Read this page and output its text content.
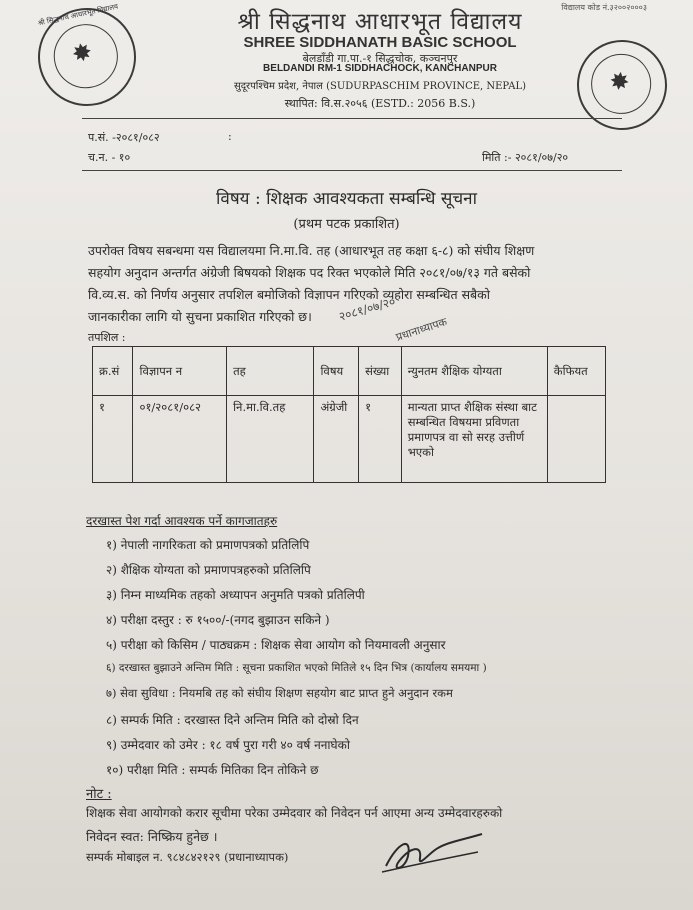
विद्यालय कोड नं.३२००२०००३
श्री सिद्धनाथ आधारभूत विद्यालय
✸
✸
श्री सिद्धनाथ आधारभूत विद्यालय
SHREE SIDDHANATH BASIC SCHOOL
बेलडाँडी गा.पा.-१ सिद्धचोक, कञ्चनपुर
BELDANDI RM-1 SIDDHACHOCK, KANCHANPUR
सुदूरपश्चिम प्रदेश, नेपाल (SUDURPASCHIM PROVINCE, NEPAL)
स्थापित: वि.स.२०५६ (ESTD.: 2056 B.S.)
प.सं. -२०८१/०८२	:
च.न. - १०	मिति :- २०८१/०७/२०
विषय : शिक्षक आवश्यकता सम्बन्धि सूचना
(प्रथम पटक प्रकाशित)
उपरोक्त विषय सबन्धमा यस विद्यालयमा नि.मा.वि. तह (आधारभूत तह कक्षा ६-८) को संघीय शिक्षण
सहयोग अनुदान अन्तर्गत अंग्रेजी बिषयको शिक्षक पद रिक्त भएकोले मिति २०८१/०७/१३ गते बसेको
वि.व्य.स. को निर्णय अनुसार तपशिल बमोजिको विज्ञापन गरिएको व्यहोरा सम्बन्धित सबैको
जानकारीका लागि यो सुचना प्रकाशित गरिएको छ।	२०८१/०७/२०
प्रधानाध्यापक
तपशिल :
क्र.सं	विज्ञापन न	तह	विषय	संख्या	न्युनतम शैक्षिक योग्यता	कैफियत
१	०१/२०८१/०८२	नि.मा.वि.तह	अंग्रेजी	१	मान्यता प्राप्त शैक्षिक संस्था बाट सम्बन्धित विषयमा प्रविणता प्रमाणपत्र वा सो सरह उत्तीर्ण भएको	
दरखास्त पेश गर्दा आवश्यक पर्ने कागजातहरु
१) नेपाली नागरिकता को प्रमाणपत्रको प्रतिलिपि
२) शैक्षिक योग्यता को प्रमाणपत्रहरुको प्रतिलिपि
३) निम्न माध्यमिक तहको अध्यापन अनुमति पत्रको प्रतिलिपी
४) परीक्षा दस्तुर : रु १५००/-(नगद बुझाउन सकिने )
५) परीक्षा को किसिम / पाठ्यक्रम : शिक्षक सेवा आयोग को नियमावली अनुसार
६) दरखास्त बुझाउने अन्तिम मिति : सूचना प्रकाशित भएको मितिले १५ दिन भित्र (कार्यालय समयमा )
७) सेवा सुविधा : नियमबि तह को संघीय शिक्षण सहयोग बाट प्राप्त हुने अनुदान रकम
८) सम्पर्क मिति : दरखास्त दिने अन्तिम मिति को दोस्रो दिन
९) उम्मेदवार को उमेर : १८ वर्ष पुरा गरी ४० वर्ष ननाघेको
१०) परीक्षा मिति : सम्पर्क मितिका दिन तोकिने छ
नोट :
शिक्षक सेवा आयोगको करार सूचीमा परेका उम्मेदवार को निवेदन पर्न आएमा अन्य उम्मेदवारहरुको
निवेदन स्वत: निष्क्रिय हुनेछ ।
सम्पर्क मोबाइल न. ९८४८४२१२९ (प्रधानाध्यापक)
